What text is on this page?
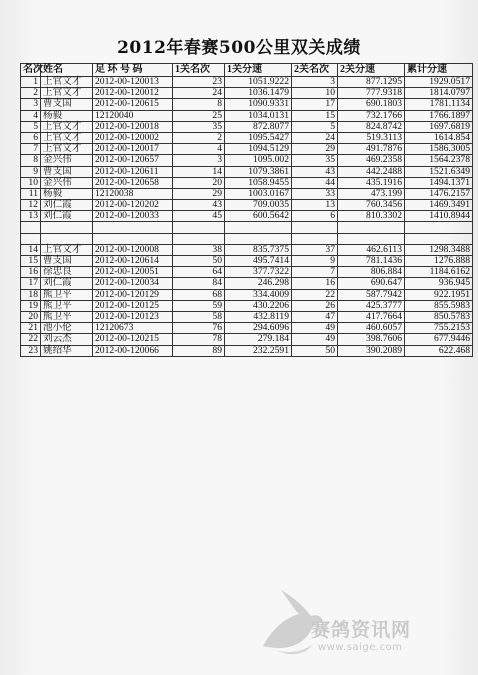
2012年春赛500公里双关成绩
名次	姓名	足 环 号 码	1关名次	1关分速	2关名次	2关分速	累计分速
1	上官文才	2012-00-120013	23	1051.9222	3	877.1295	1929.0517
2	上官文才	2012-00-120012	24	1036.1479	10	777.9318	1814.0797
3	曹支国	2012-00-120615	8	1090.9331	17	690.1803	1781.1134
4	杨毅	12120040	25	1034.0131	15	732.1766	1766.1897
5	上官文才	2012-00-120018	35	872.8077	5	824.8742	1697.6819
6	上官文才	2012-00-120002	2	1095.5427	24	519.3113	1614.854
7	上官文才	2012-00-120017	4	1094.5129	29	491.7876	1586.3005
8	金兴伟	2012-00-120657	3	1095.002	35	469.2358	1564.2378
9	曹支国	2012-00-120611	14	1079.3861	43	442.2488	1521.6349
10	金兴伟	2012-00-120658	20	1058.9455	44	435.1916	1494.1371
11	杨毅	12120038	29	1003.0167	33	473.199	1476.2157
12	刘仁霞	2012-00-120202	43	709.0035	13	760.3456	1469.3491
13	刘仁霞	2012-00-120033	45	600.5642	6	810.3302	1410.8944

14	上官文才	2012-00-120008	38	835.7375	37	462.6113	1298.3488
15	曹支国	2012-00-120614	50	495.7414	9	781.1436	1276.888
16	徐忠良	2012-00-120051	64	377.7322	7	806.884	1184.6162
17	刘仁霞	2012-00-120034	84	246.298	16	690.647	936.945
18	熊卫平	2012-00-120129	68	334.4009	22	587.7942	922.1951
19	熊卫平	2012-00-120125	59	430.2206	26	425.3777	855.5983
20	熊卫平	2012-00-120123	58	432.8119	47	417.7664	850.5783
21	池小伦	12120673	76	294.6096	49	460.6057	755.2153
22	刘云杰	2012-00-120215	78	279.184	49	398.7606	677.9446
23	姚绍华	2012-00-120066	89	232.2591	50	390.2089	622.468
赛鸽资讯网
www.saige.com
